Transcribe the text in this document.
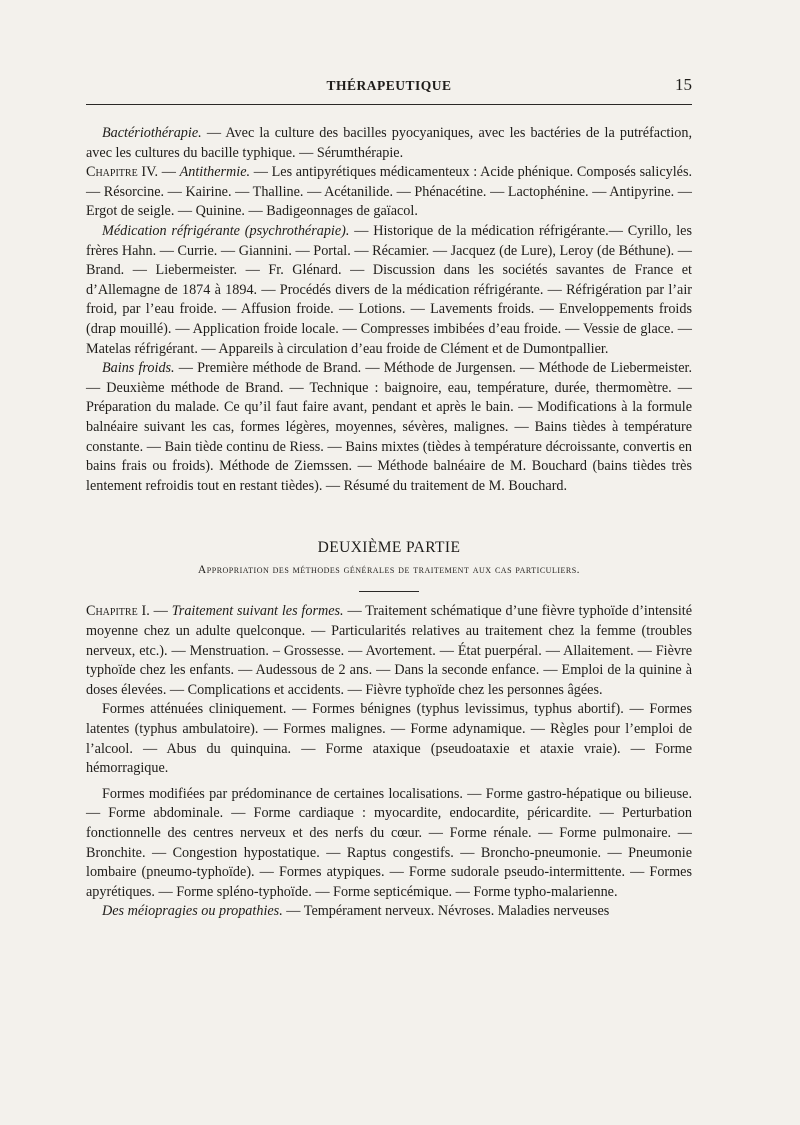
THÉRAPEUTIQUE	15

Bactériothérapie. — Avec la culture des bacilles pyocyaniques, avec les bactéries de la putréfaction, avec les cultures du bacille typhique. — Sérumthérapie.

Chapitre IV. — Antithermie. — Les antipyrétiques médicamenteux : Acide phénique. Composés salicylés. — Résorcine. — Kairine. — Thalline. — Acétanilide. — Phénacétine. — Lactophénine. — Antipyrine. — Ergot de seigle. — Quinine. — Badigeonnages de gaïacol.

Médication réfrigérante (psychrothérapie). — Historique de la médication réfrigérante.— Cyrillo, les frères Hahn. — Currie. — Giannini. — Portal. — Récamier. — Jacquez (de Lure), Leroy (de Béthune). — Brand. — Liebermeister. — Fr. Glénard. — Discussion dans les sociétés savantes de France et d’Allemagne de 1874 à 1894. — Procédés divers de la médication réfrigérante. — Réfrigération par l’air froid, par l’eau froide. — Affusion froide. — Lotions. — Lavements froids. — Enveloppements froids (drap mouillé). — Application froide locale. — Compresses imbibées d’eau froide. — Vessie de glace. — Matelas réfrigérant. — Appareils à circulation d’eau froide de Clément et de Dumontpallier.

Bains froids. — Première méthode de Brand. — Méthode de Jurgensen. — Méthode de Liebermeister. — Deuxième méthode de Brand. — Technique : baignoire, eau, température, durée, thermomètre. — Préparation du malade. Ce qu’il faut faire avant, pendant et après le bain. — Modifications à la formule balnéaire suivant les cas, formes légères, moyennes, sévères, malignes. — Bains tièdes à température constante. — Bain tiède continu de Riess. — Bains mixtes (tièdes à température décroissante, convertis en bains frais ou froids). Méthode de Ziemssen. — Méthode balnéaire de M. Bouchard (bains tièdes très lentement refroidis tout en restant tièdes). — Résumé du traitement de M. Bouchard.

DEUXIÈME PARTIE
Appropriation des méthodes générales de traitement aux cas particuliers.

Chapitre I. — Traitement suivant les formes. — Traitement schématique d’une fièvre typhoïde d’intensité moyenne chez un adulte quelconque. — Particularités relatives au traitement chez la femme (troubles nerveux, etc.). — Menstruation. – Grossesse. — Avortement. — État puerpéral. — Allaitement. — Fièvre typhoïde chez les enfants. — Audessous de 2 ans. — Dans la seconde enfance. — Emploi de la quinine à doses élevées. — Complications et accidents. — Fièvre typhoïde chez les personnes âgées.

Formes atténuées cliniquement. — Formes bénignes (typhus levissimus, typhus abortif). — Formes latentes (typhus ambulatoire). — Formes malignes. — Forme adynamique. — Règles pour l’emploi de l’alcool. — Abus du quinquina. — Forme ataxique (pseudoataxie et ataxie vraie). — Forme hémorragique.

Formes modifiées par prédominance de certaines localisations. — Forme gastro-hépatique ou bilieuse. — Forme abdominale. — Forme cardiaque : myocardite, endocardite, péricardite. — Perturbation fonctionnelle des centres nerveux et des nerfs du cœur. — Forme rénale. — Forme pulmonaire. — Bronchite. — Congestion hypostatique. — Raptus congestifs. — Broncho-pneumonie. — Pneumonie lombaire (pneumo-typhoïde). — Formes atypiques. — Forme sudorale pseudo-intermittente. — Formes apyrétiques. — Forme spléno-typhoïde. — Forme septicémique. — Forme typho-malarienne.

Des méiopragies ou propathies. — Tempérament nerveux. Névroses. Maladies nerveuses
